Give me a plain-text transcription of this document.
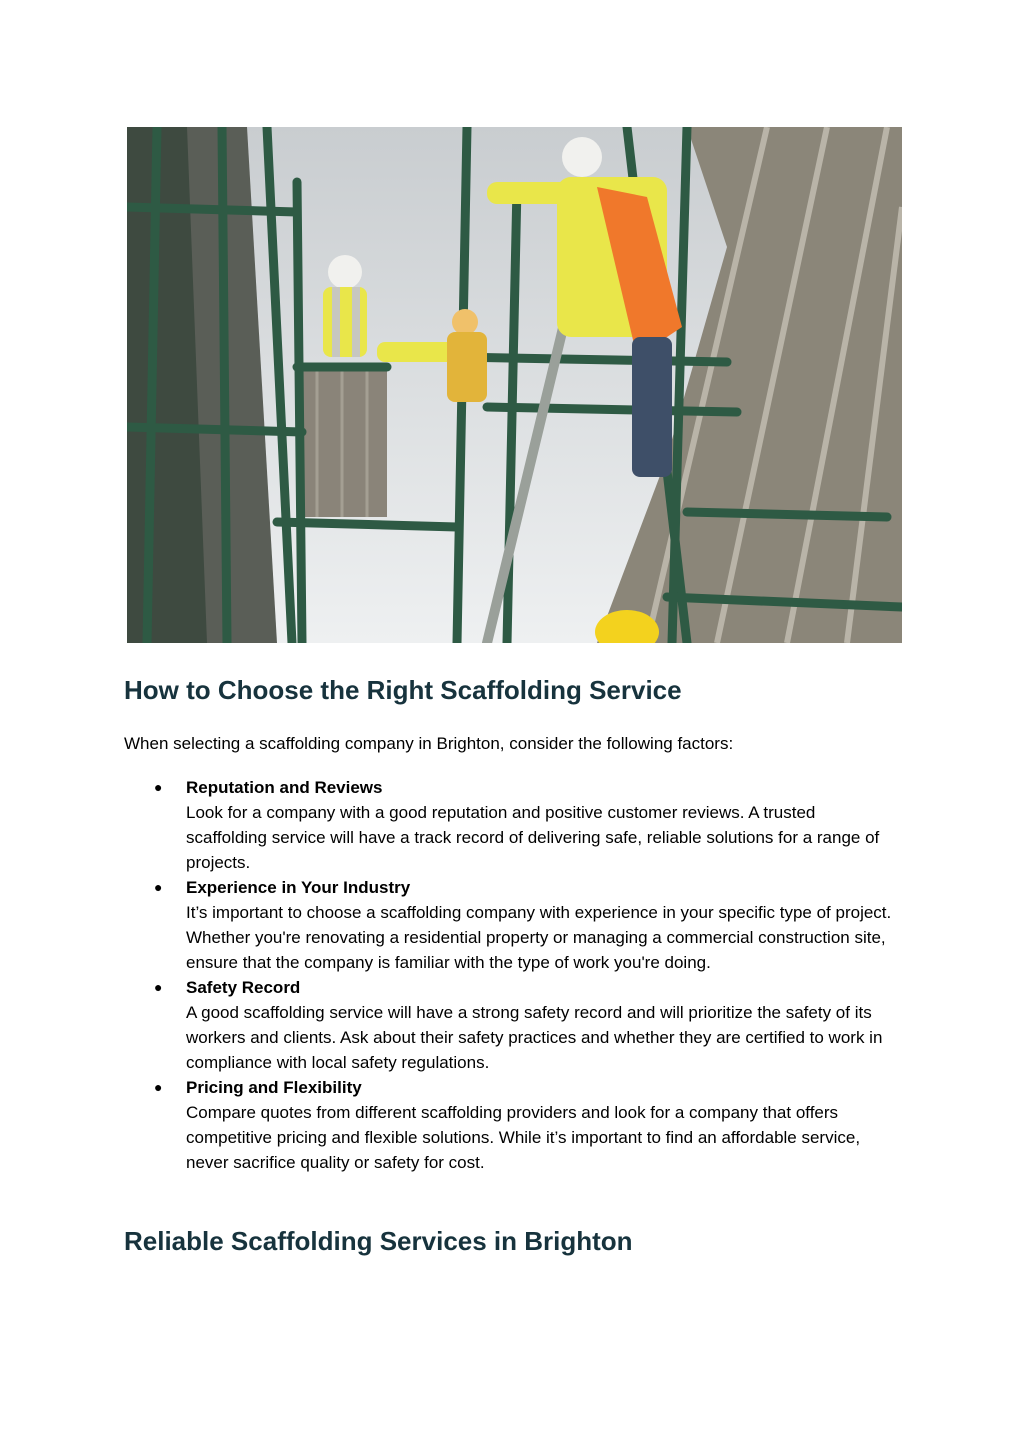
How to Choose the Right Scaffolding Service

When selecting a scaffolding company in Brighton, consider the following factors:

● Reputation and Reviews
Look for a company with a good reputation and positive customer reviews. A trusted scaffolding service will have a track record of delivering safe, reliable solutions for a range of projects.
● Experience in Your Industry
It’s important to choose a scaffolding company with experience in your specific type of project. Whether you're renovating a residential property or managing a commercial construction site, ensure that the company is familiar with the type of work you're doing.
● Safety Record
A good scaffolding service will have a strong safety record and will prioritize the safety of its workers and clients. Ask about their safety practices and whether they are certified to work in compliance with local safety regulations.
● Pricing and Flexibility
Compare quotes from different scaffolding providers and look for a company that offers competitive pricing and flexible solutions. While it’s important to find an affordable service, never sacrifice quality or safety for cost.
Reliable Scaffolding Services in Brighton
